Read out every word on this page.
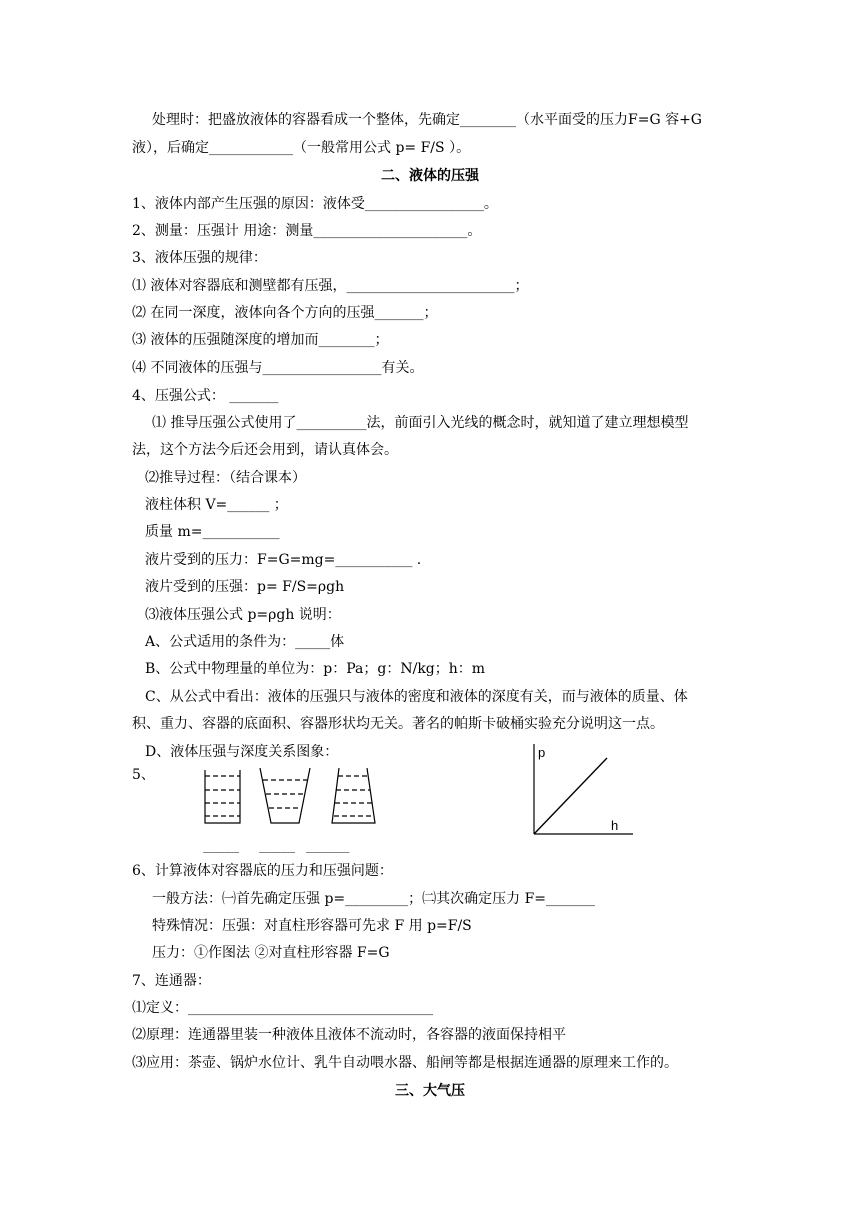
处理时：把盛放液体的容器看成一个整体，先确定________（水平面受的压力F=G 容+G
液），后确定____________（一般常用公式 p= F/S ）。
二、液体的压强
1、液体内部产生压强的原因：液体受_________________。
2、测量：压强计 用途：测量______________________。
3、液体压强的规律：
⑴ 液体对容器底和测壁都有压强，________________________；
⑵ 在同一深度，液体向各个方向的压强_______；
⑶ 液体的压强随深度的增加而________；
⑷ 不同液体的压强与_________________有关。
4、压强公式： _______
⑴ 推导压强公式使用了__________法，前面引入光线的概念时，就知道了建立理想模型
法，这个方法今后还会用到，请认真体会。
⑵推导过程：（结合课本）
液柱体积 V=______ ；
质量 m=___________
液片受到的压力：F=G=mg=___________ .
液片受到的压强：p= F/S=ρgh
⑶液体压强公式 p=ρgh 说明：
A、公式适用的条件为：_____体
B、公式中物理量的单位为：p：Pa；g：N/kg；h：m
C、从公式中看出：液体的压强只与液体的密度和液体的深度有关，而与液体的质量、体
积、重力、容器的底面积、容器形状均无关。著名的帕斯卡破桶实验充分说明这一点。
D、液体压强与深度关系图象：
5、
p
h
_____ _____ ______
6、计算液体对容器底的压力和压强问题：
一般方法：㈠首先确定压强 p=_________；㈡其次确定压力 F=_______
特殊情况：压强：对直柱形容器可先求 F 用 p=F/S
压力：①作图法 ②对直柱形容器 F=G
7、连通器：
⑴定义：___________________________________
⑵原理：连通器里装一种液体且液体不流动时，各容器的液面保持相平
⑶应用：茶壶、锅炉水位计、乳牛自动喂水器、船闸等都是根据连通器的原理来工作的。
三、大气压
